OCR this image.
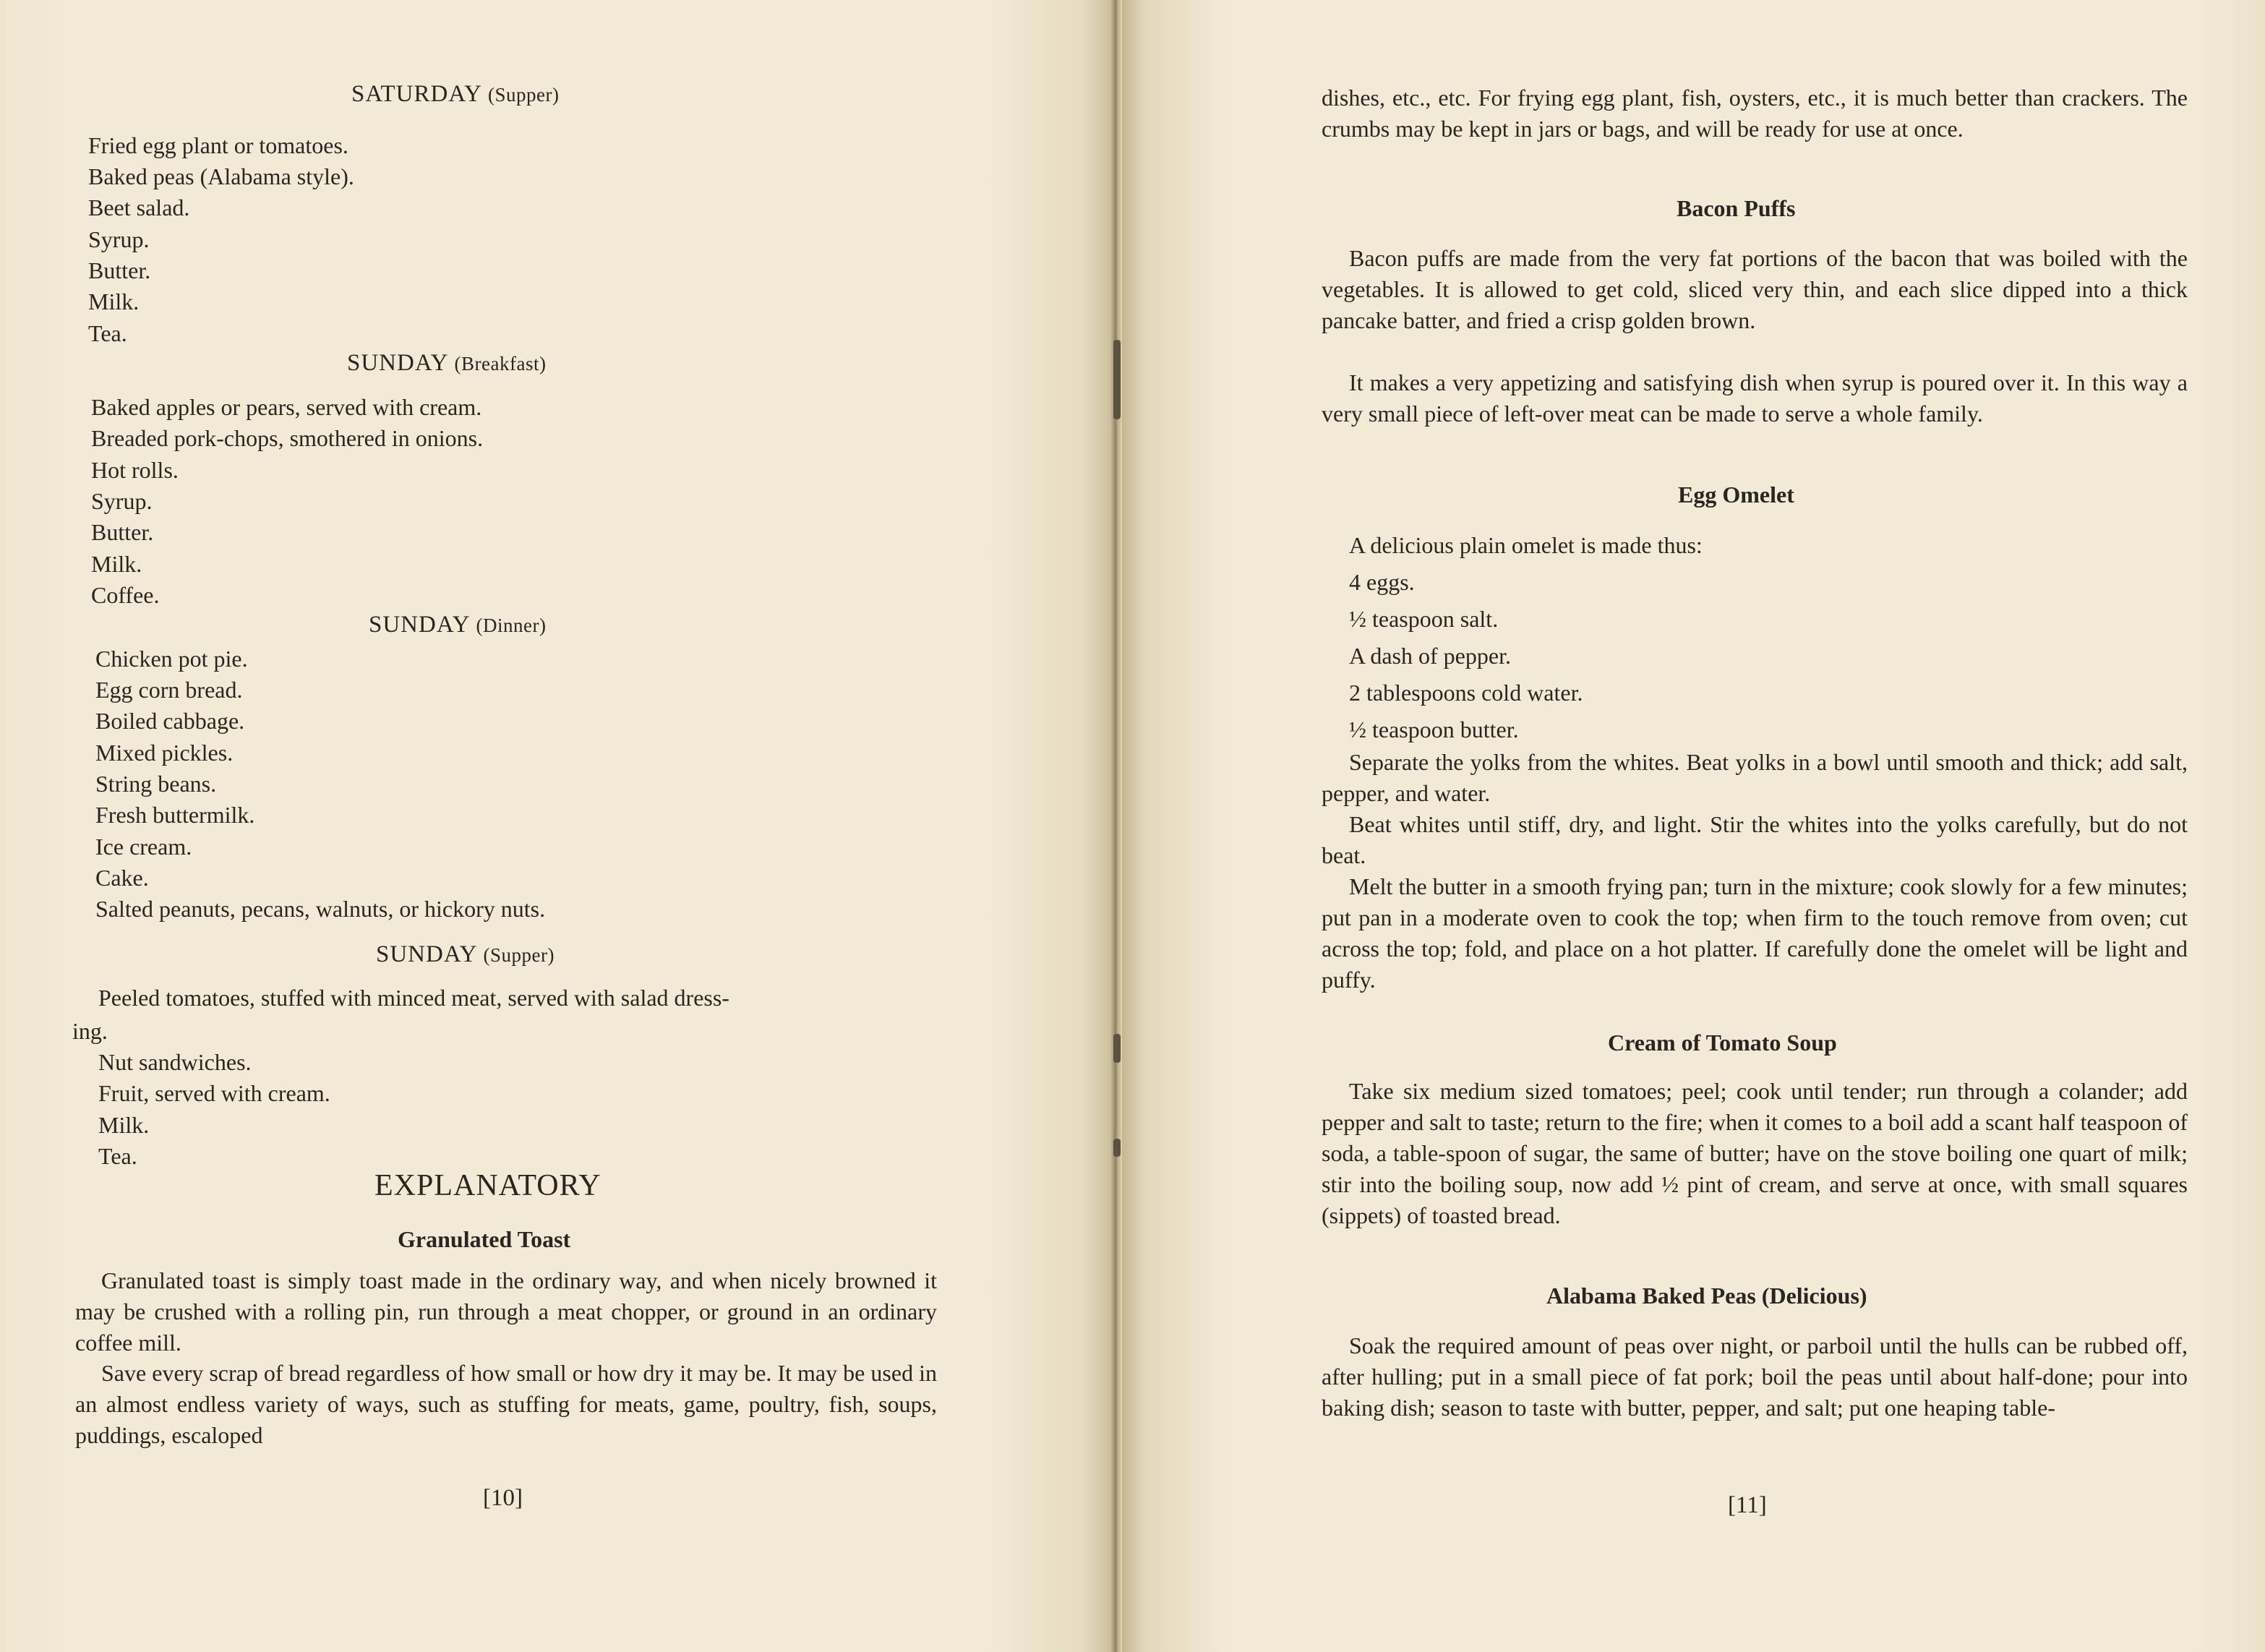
SATURDAY (Supper)
Fried egg plant or tomatoes.
Baked peas (Alabama style).
Beet salad.
Syrup.
Butter.
Milk.
Tea.
SUNDAY (Breakfast)
Baked apples or pears, served with cream.
Breaded pork-chops, smothered in onions.
Hot rolls.
Syrup.
Butter.
Milk.
Coffee.
SUNDAY (Dinner)
Chicken pot pie.
Egg corn bread.
Boiled cabbage.
Mixed pickles.
String beans.
Fresh buttermilk.
Ice cream.
Cake.
Salted peanuts, pecans, walnuts, or hickory nuts.
SUNDAY (Supper)
Peeled tomatoes, stuffed with minced meat, served with salad dress-
ing.
Nut sandwiches.
Fruit, served with cream.
Milk.
Tea.
EXPLANATORY
Granulated Toast
Granulated toast is simply toast made in the ordinary way, and when nicely browned it may be crushed with a rolling pin, run through a meat chopper, or ground in an ordinary coffee mill.
Save every scrap of bread regardless of how small or how dry it may be. It may be used in an almost endless variety of ways, such as stuffing for meats, game, poultry, fish, soups, puddings, escaloped
[10]
dishes, etc., etc. For frying egg plant, fish, oysters, etc., it is much better than crackers. The crumbs may be kept in jars or bags, and will be ready for use at once.
Bacon Puffs
Bacon puffs are made from the very fat portions of the bacon that was boiled with the vegetables. It is allowed to get cold, sliced very thin, and each slice dipped into a thick pancake batter, and fried a crisp golden brown.
It makes a very appetizing and satisfying dish when syrup is poured over it. In this way a very small piece of left-over meat can be made to serve a whole family.
Egg Omelet
A delicious plain omelet is made thus:
4 eggs.
½ teaspoon salt.
A dash of pepper.
2 tablespoons cold water.
½ teaspoon butter.
Separate the yolks from the whites. Beat yolks in a bowl until smooth and thick; add salt, pepper, and water.
Beat whites until stiff, dry, and light. Stir the whites into the yolks carefully, but do not beat.
Melt the butter in a smooth frying pan; turn in the mixture; cook slowly for a few minutes; put pan in a moderate oven to cook the top; when firm to the touch remove from oven; cut across the top; fold, and place on a hot platter. If carefully done the omelet will be light and puffy.
Cream of Tomato Soup
Take six medium sized tomatoes; peel; cook until tender; run through a colander; add pepper and salt to taste; return to the fire; when it comes to a boil add a scant half teaspoon of soda, a table-spoon of sugar, the same of butter; have on the stove boiling one quart of milk; stir into the boiling soup, now add ½ pint of cream, and serve at once, with small squares (sippets) of toasted bread.
Alabama Baked Peas (Delicious)
Soak the required amount of peas over night, or parboil until the hulls can be rubbed off, after hulling; put in a small piece of fat pork; boil the peas until about half-done; pour into baking dish; season to taste with butter, pepper, and salt; put one heaping table-
[11]
